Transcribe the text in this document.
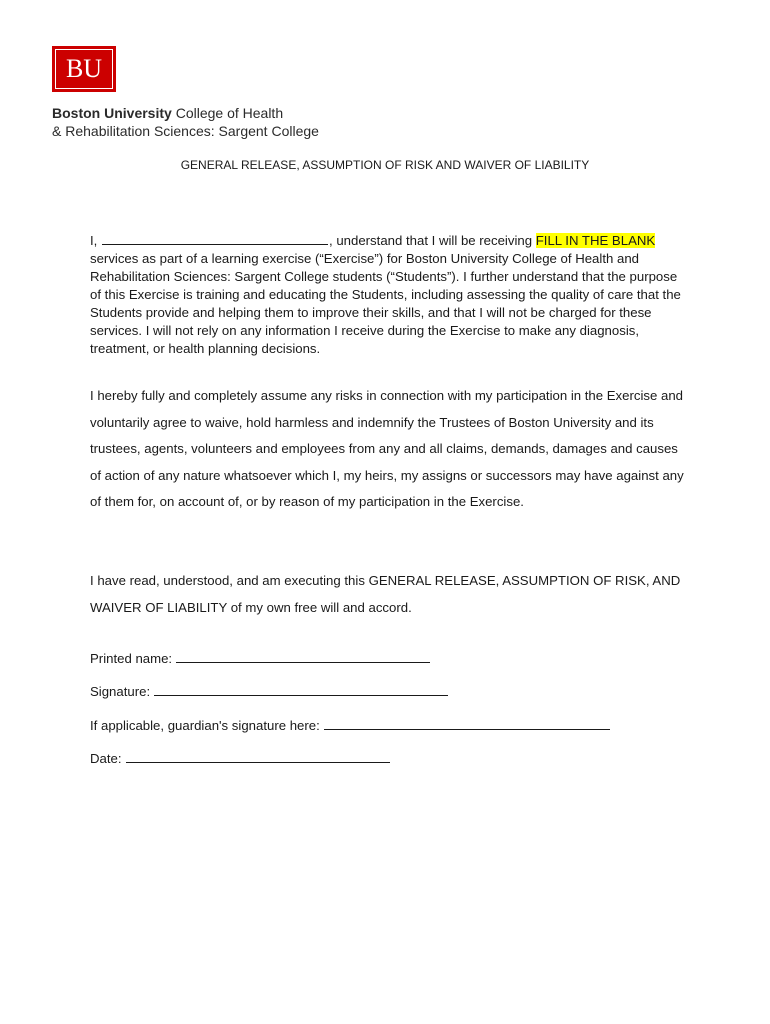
BU
Boston University College of Health
& Rehabilitation Sciences: Sargent College
GENERAL RELEASE, ASSUMPTION OF RISK AND WAIVER OF LIABILITY
I,	, understand that I will be receiving FILL IN THE BLANK services as part of a learning exercise (“Exercise”) for Boston University College of Health and Rehabilitation Sciences: Sargent College students (“Students”). I further understand that the purpose of this Exercise is training and educating the Students, including assessing the quality of care that the Students provide and helping them to improve their skills, and that I will not be charged for these services. I will not rely on any information I receive during the Exercise to make any diagnosis, treatment, or health planning decisions.
I hereby fully and completely assume any risks in connection with my participation in the Exercise and voluntarily agree to waive, hold harmless and indemnify the Trustees of Boston University and its trustees, agents, volunteers and employees from any and all claims, demands, damages and causes of action of any nature whatsoever which I, my heirs, my assigns or successors may have against any of them for, on account of, or by reason of my participation in the Exercise.
I have read, understood, and am executing this GENERAL RELEASE, ASSUMPTION OF RISK, AND WAIVER OF LIABILITY of my own free will and accord.
Printed name:
Signature:
If applicable, guardian's signature here:
Date:
